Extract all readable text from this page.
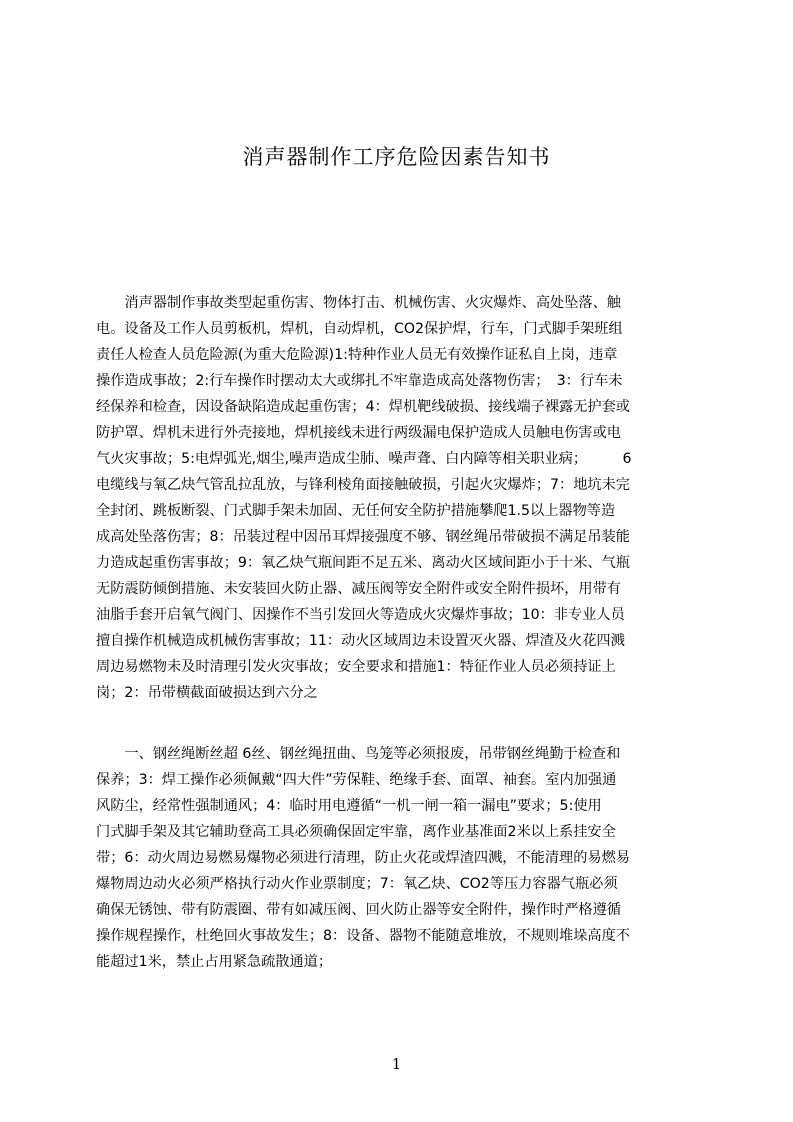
消声器制作工序危险因素告知书
　　消声器制作事故类型起重伤害、物体打击、机械伤害、火灾爆炸、高处坠落、触
电。设备及工作人员剪板机，焊机，自动焊机，CO2保护焊，行车，门式脚手架班组
责任人检查人员危险源(为重大危险源)1:特种作业人员无有效操作证私自上岗，违章
操作造成事故；2:行车操作时摆动太大或绑扎不牢靠造成高处落物伤害；　3：行车未
经保养和检查，因设备缺陷造成起重伤害；4：焊机靶线破损、接线端子裸露无护套或
防护罩、焊机未进行外壳接地，焊机接线未进行两级漏电保护造成人员触电伤害或电
气火灾事故；5:电焊弧光,烟尘,噪声造成尘肺、噪声聋、白内障等相关职业病；　　　6
电缆线与氧乙炔气管乱拉乱放，与锋利棱角面接触破损，引起火灾爆炸；7：地坑未完
全封闭、跳板断裂、门式脚手架未加固、无任何安全防护措施攀爬1.5以上器物等造
成高处坠落伤害；8：吊装过程中因吊耳焊接强度不够、钢丝绳吊带破损不满足吊装能
力造成起重伤害事故；9：氧乙炔气瓶间距不足五米、离动火区域间距小于十米、气瓶
无防震防倾倒措施、未安装回火防止器、减压阀等安全附件或安全附件损坏，用带有
油脂手套开启氧气阀门、因操作不当引发回火等造成火灾爆炸事故；10：非专业人员
擅自操作机械造成机械伤害事故；11：动火区域周边未设置灭火器、焊渣及火花四溅
周边易燃物未及时清理引发火灾事故；安全要求和措施1：特征作业人员必须持证上
岗；2：吊带横截面破损达到六分之
　　一、钢丝绳断丝超 6丝、钢丝绳扭曲、鸟笼等必须报废，吊带钢丝绳勤于检查和
保养；3：焊工操作必须佩戴“四大件”劳保鞋、绝缘手套、面罩、袖套。室内加强通
风防尘，经常性强制通风；4：临时用电遵循“一机一闸一箱一漏电”要求；5:使用
门式脚手架及其它辅助登高工具必须确保固定牢靠，离作业基准面2米以上系挂安全
带；6：动火周边易燃易爆物必须进行清理，防止火花或焊渣四溅，不能清理的易燃易
爆物周边动火必须严格执行动火作业票制度；7：氧乙炔、CO2等压力容器气瓶必须
确保无锈蚀、带有防震圈、带有如减压阀、回火防止器等安全附件，操作时严格遵循
操作规程操作，杜绝回火事故发生；8：设备、器物不能随意堆放，不规则堆垛高度不
能超过1米，禁止占用紧急疏散通道；
1
